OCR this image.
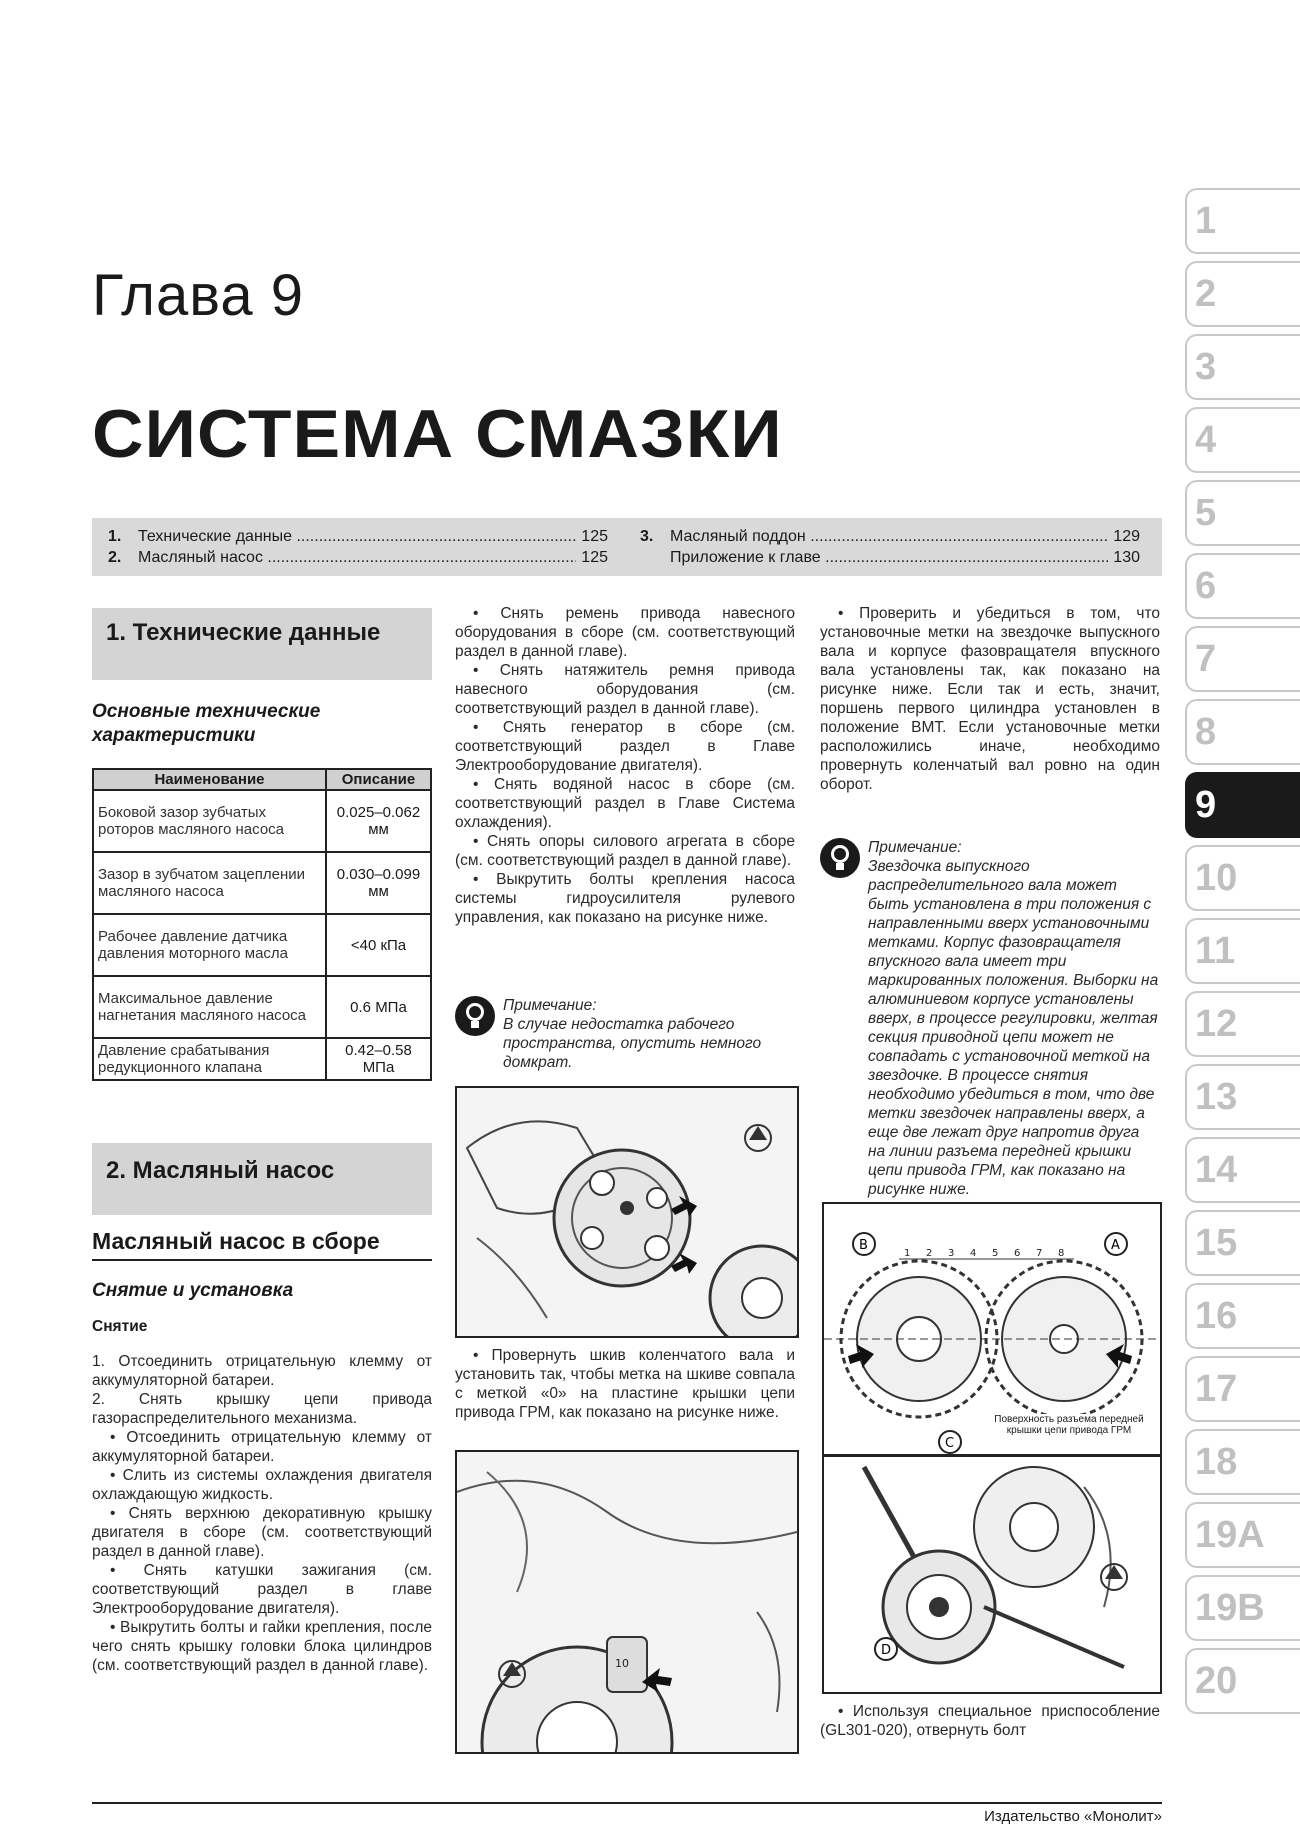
Глава 9
СИСТЕМА СМАЗКИ
1.	Технические данные .....	125
2.	Масляный насос .....	125
3.	Масляный поддон .....	129
Приложение к главе .....	130
1
2
3
4
5
6
7
8
9
10
11
12
13
14
15
16
17
18
19A
19B
20
1. Технические данные
Основные технические характеристики
Наименование	Описание
Боковой зазор зубчатых роторов масляного насоса	0.025–0.062 мм
Зазор в зубчатом зацеплении масляного насоса	0.030–0.099 мм
Рабочее давление датчика давления моторного масла	<40 кПа
Максимальное давление нагнетания масляного насоса	0.6 МПа
Давление срабатывания редукционного клапана	0.42–0.58 МПа
2. Масляный насос
Масляный насос в сборе
Снятие и установка
Снятие

1. Отсоединить отрицательную клемму от аккумуляторной батареи.

2. Снять крышку цепи привода газораспределительного механизма.

• Отсоединить отрицательную клемму от аккумуляторной батареи.

• Слить из системы охлаждения двигателя охлаждающую жидкость.

• Снять верхнюю декоративную крышку двигателя в сборе (см. соответствующий раздел в данной главе).

• Снять катушки зажигания (см. соответствующий раздел в главе Электрооборудование двигателя).

• Выкрутить болты и гайки крепления, после чего снять крышку головки блока цилиндров (см. соответствующий раздел в данной главе).

• Снять ремень привода навесного оборудования в сборе (см. соответствующий раздел в данной главе).

• Снять натяжитель ремня привода навесного оборудования (см. соответствующий раздел в данной главе).

• Снять генератор в сборе (см. соответствующий раздел в Главе Электрооборудование двигателя).

• Снять водяной насос в сборе (см. соответствующий раздел в Главе Система охлаждения).

• Снять опоры силового агрегата в сборе (см. соответствующий раздел в данной главе).

• Выкрутить болты крепления насоса системы гидроусилителя рулевого управления, как показано на рисунке ниже.

Примечание:
В случае недостатка рабочего пространства, опустить немного домкрат.

• Провернуть шкив коленчатого вала и установить так, чтобы метка на шкиве совпала с меткой «0» на пластине крышки цепи привода ГРМ, как показано на рисунке ниже.

10

• Проверить и убедиться в том, что установочные метки на звездочке выпускного вала и корпусе фазовращателя впускного вала установлены так, как показано на рисунке ниже. Если так и есть, значит, поршень первого цилиндра установлен в положение ВМТ. Если установочные метки расположились иначе, необходимо провернуть коленчатый вал ровно на один оборот.

Примечание:
Звездочка выпускного распределительного вала может быть установлена в три положения с направленными вверх установочными метками. Корпус фазовращателя впускного вала имеет три маркированных положения. Выборки на алюминиевом корпусе установлены вверх, в процессе регулировки, желтая секция приводной цепи может не совпадать с установочной меткой на звездочке. В процессе снятия необходимо убедиться в том, что две метки звездочек направлены вверх, а еще две лежат друг напротив друга на линии разъема передней крышки цепи привода ГРМ, как показано на рисунке ниже.
1 2 3 4 5 6 7 8
B	A
C
Поверхность разъема передней крышки цепи привода ГРМ
D

• Используя специальное приспособление (GL301-020), отвернуть болт

Издательство «Монолит»
